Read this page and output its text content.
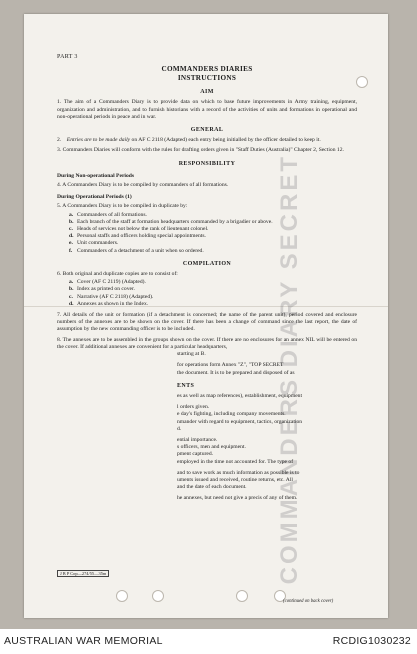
COMMANDERS DIARY SECRET
PART 3
COMMANDERS DIARIES
INSTRUCTIONS
AIM
1. The aim of a Commanders Diary is to provide data on which to base future improvements in Army training, equipment, organization and administration, and to furnish historians with a record of the activities of units and formations in operational and non-operational periods in peace and in war.
GENERAL
2. Entries are to be made daily on AF C 2118 (Adapted) each entry being initialled by the officer detailed to keep it.
3. Commanders Diaries will conform with the rules for drafting orders given in "Staff Duties (Australia)" Chapter 2, Section 12.
RESPONSIBILITY
During Non-operational Periods
4. A Commanders Diary is to be compiled by commanders of all formations.
During Operational Periods (1)
5. A Commanders Diary is to be compiled in duplicate by:
a. Commanders of all formations.
b. Each branch of the staff at formation headquarters commanded by a brigadier or above.
c. Heads of services not below the rank of lieutenant colonel.
d. Personal staffs and officers holding special appointments.
e. Unit commanders.
f. Commanders of a detachment of a unit when so ordered.
COMPILATION
6. Both original and duplicate copies are to consist of:
a. Cover (AF C 2119) (Adapted).
b. Index as printed on cover.
c. Narrative (AF C 2118) (Adapted).
d. Annexes as shown in the Index.
7. All details of the unit or formation (if a detachment is concerned; the name of the parent unit), period covered and enclosure numbers of the annexes are to be shown on the cover. If there has been a change of command since the last report, the date of assumption by the new commanding officer is to be included.
8. The annexes are to be assembled in the groups shown on the cover. If there are no enclosures for an annex NIL will be entered on the cover. If additional annexes are convenient for a particular headquarters,
starting at B.
for operations form Annex "Z", "TOP SECRET
the document. It is to be prepared and disposed of as
ENTS
es as well as map references), establishment, equipment
l orders given.
e day's fighting, including company movements.
nmander with regard to equipment, tactics, organization
d.
ential importance.
s officers, men and equipment.
pment captured.
employed in the time not accounted for. The type of
and to save work as much information as possible is to
uments issued and received, routine returns, etc. All
and the date of each document.
he annexes, but need not give a precis of any of them.
J B P Cop—274/55—35m
(continued on back cover)
AUSTRALIAN WAR MEMORIAL	RCDIG1030232
